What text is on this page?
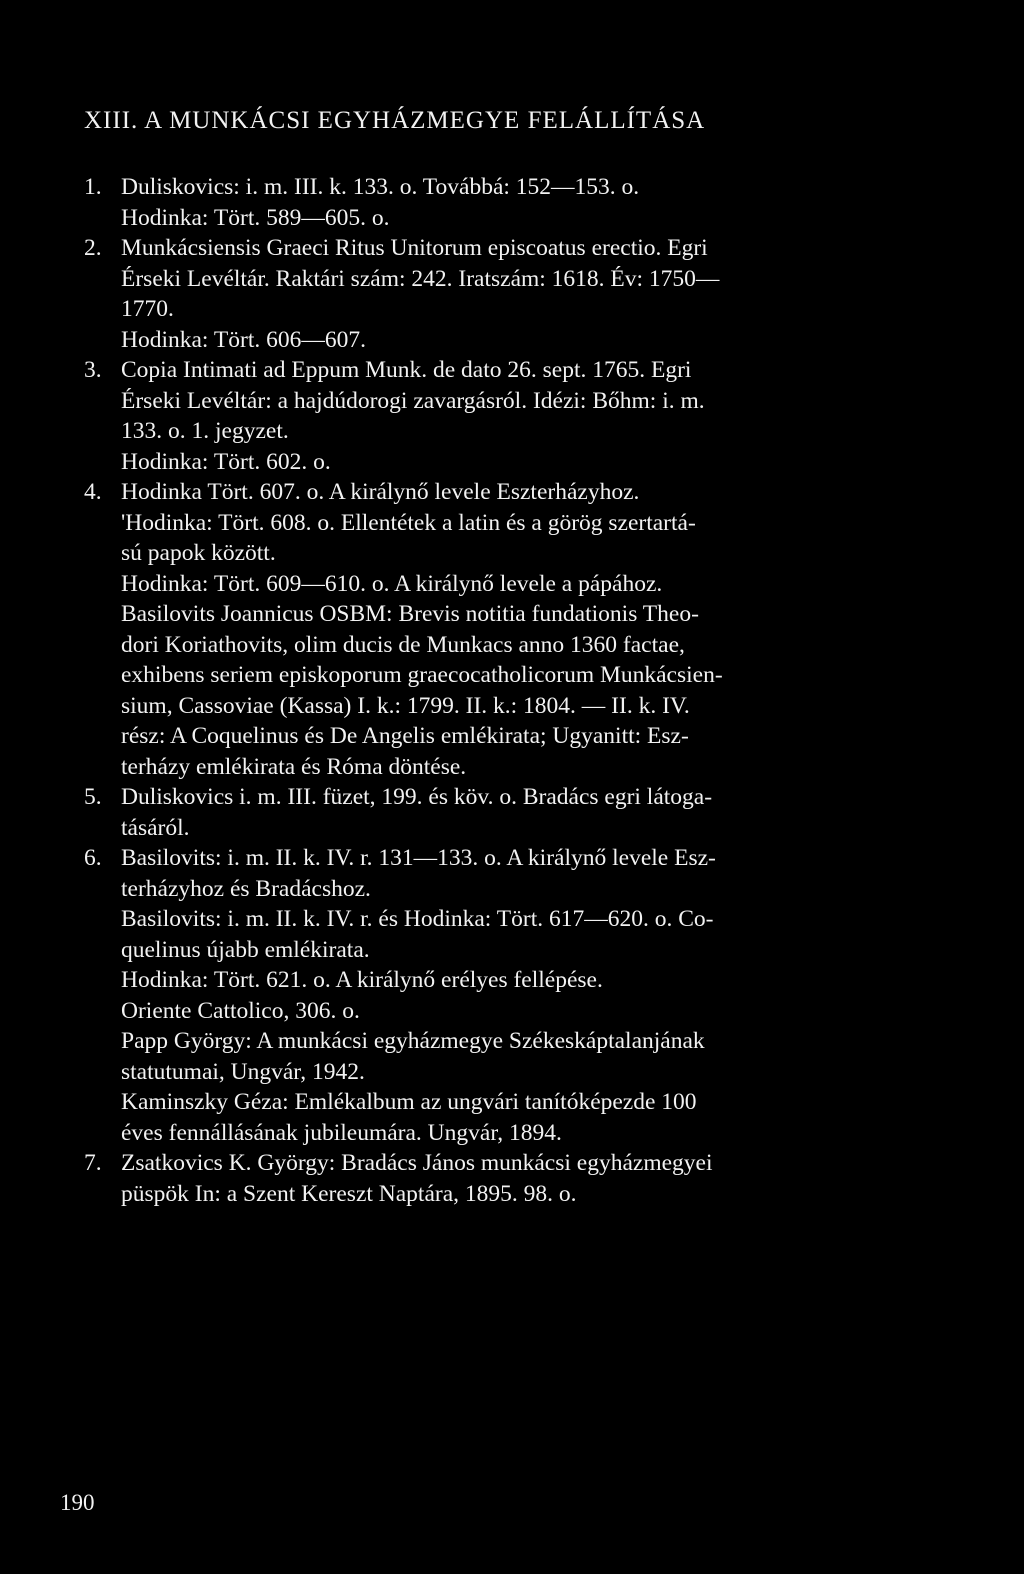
XIII. A MUNKÁCSI EGYHÁZMEGYE FELÁLLÍTÁSA
1. Duliskovics: i. m. III. k. 133. o. Továbbá: 152—153. o.
Hodinka: Tört. 589—605. o.
2. Munkácsiensis Graeci Ritus Unitorum episcoatus erectio. Egri
Érseki Levéltár. Raktári szám: 242. Iratszám: 1618. Év: 1750—
1770.
Hodinka: Tört. 606—607.
3. Copia Intimati ad Eppum Munk. de dato 26. sept. 1765. Egri
Érseki Levéltár: a hajdúdorogi zavargásról. Idézi: Bőhm: i. m.
133. o. 1. jegyzet.
Hodinka: Tört. 602. o.
4. Hodinka Tört. 607. o. A királynő levele Eszterházyhoz.
'Hodinka: Tört. 608. o. Ellentétek a latin és a görög szertartá-
sú papok között.
Hodinka: Tört. 609—610. o. A királynő levele a pápához.
Basilovits Joannicus OSBM: Brevis notitia fundationis Theo-
dori Koriathovits, olim ducis de Munkacs anno 1360 factae,
exhibens seriem episkoporum graecocatholicorum Munkácsien-
sium, Cassoviae (Kassa) I. k.: 1799. II. k.: 1804. — II. k. IV.
rész: A Coquelinus és De Angelis emlékirata; Ugyanitt: Esz-
terházy emlékirata és Róma döntése.
5. Duliskovics i. m. III. füzet, 199. és köv. o. Bradács egri látoga-
tásáról.
6. Basilovits: i. m. II. k. IV. r. 131—133. o. A királynő levele Esz-
terházyhoz és Bradácshoz.
Basilovits: i. m. II. k. IV. r. és Hodinka: Tört. 617—620. o. Co-
quelinus újabb emlékirata.
Hodinka: Tört. 621. o. A királynő erélyes fellépése.
Oriente Cattolico, 306. o.
Papp György: A munkácsi egyházmegye Székeskáptalanjának
statutumai, Ungvár, 1942.
Kaminszky Géza: Emlékalbum az ungvári tanítóképezde 100
éves fennállásának jubileumára. Ungvár, 1894.
7. Zsatkovics K. György: Bradács János munkácsi egyházmegyei
püspök In: a Szent Kereszt Naptára, 1895. 98. o.
190
